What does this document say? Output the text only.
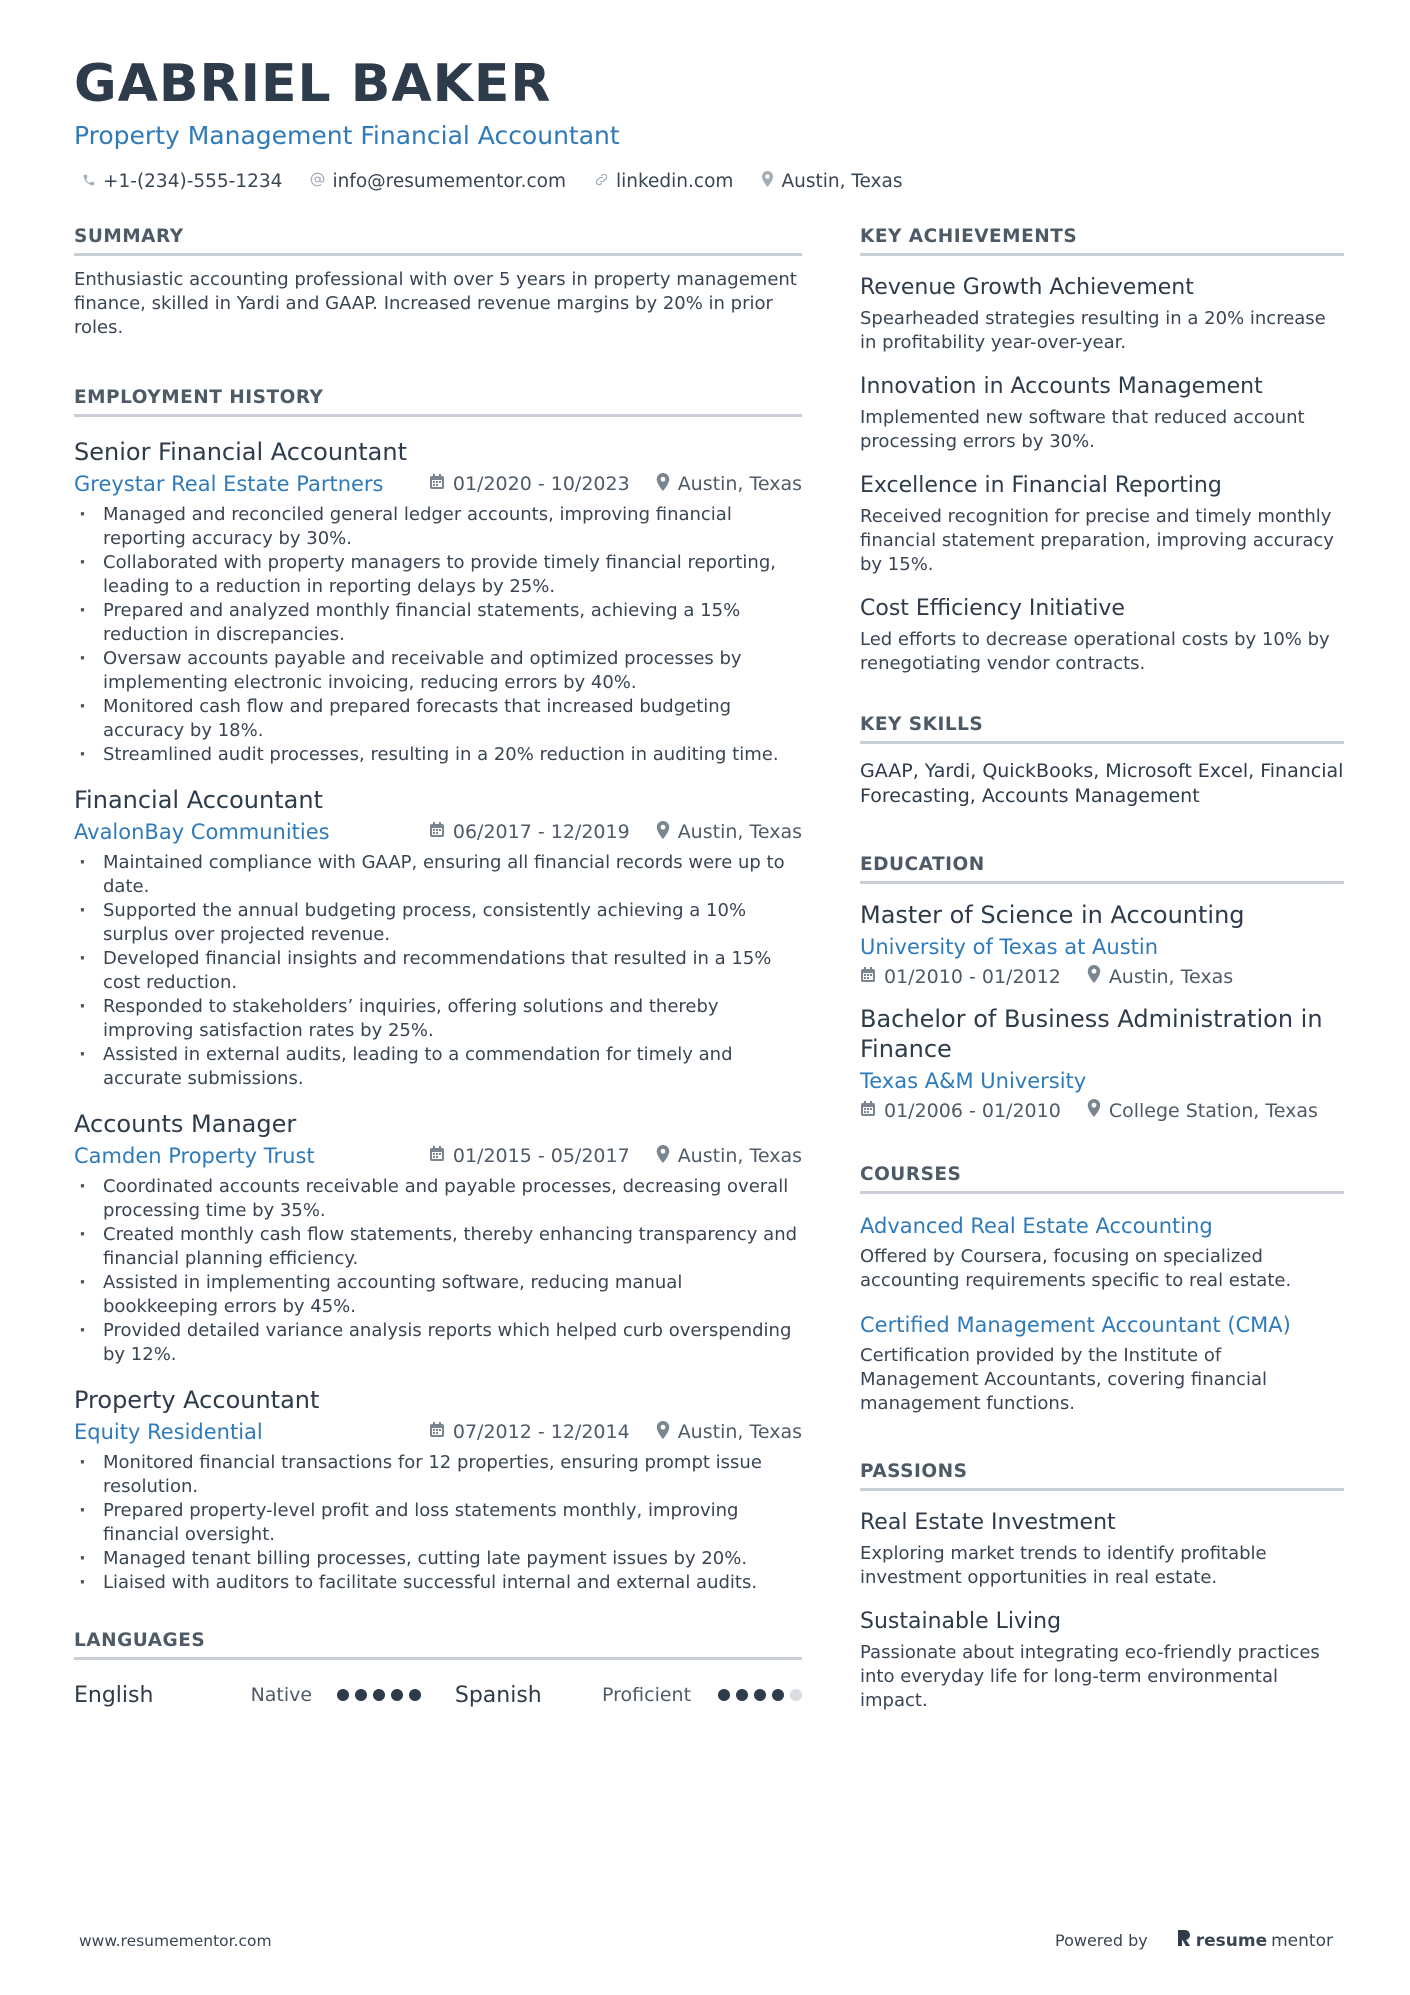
GABRIEL BAKER
Property Management Financial Accountant
+1-(234)-555-1234	info@resumementor.com	linkedin.com	Austin, Texas
SUMMARY

Enthusiastic accounting professional with over 5 years in property management finance, skilled in Yardi and GAAP. Increased revenue margins by 20% in prior roles.

EMPLOYMENT HISTORY
Senior Financial Accountant
Greystar Real Estate Partners	01/2020 - 10/2023	Austin, Texas
· Managed and reconciled general ledger accounts, improving financial reporting accuracy by 30%.
· Collaborated with property managers to provide timely financial reporting, leading to a reduction in reporting delays by 25%.
· Prepared and analyzed monthly financial statements, achieving a 15% reduction in discrepancies.
· Oversaw accounts payable and receivable and optimized processes by implementing electronic invoicing, reducing errors by 40%.
· Monitored cash flow and prepared forecasts that increased budgeting accuracy by 18%.
· Streamlined audit processes, resulting in a 20% reduction in auditing time.
Financial Accountant
AvalonBay Communities	06/2017 - 12/2019	Austin, Texas
· Maintained compliance with GAAP, ensuring all financial records were up to date.
· Supported the annual budgeting process, consistently achieving a 10% surplus over projected revenue.
· Developed financial insights and recommendations that resulted in a 15% cost reduction.
· Responded to stakeholders’ inquiries, offering solutions and thereby improving satisfaction rates by 25%.
· Assisted in external audits, leading to a commendation for timely and accurate submissions.
Accounts Manager
Camden Property Trust	01/2015 - 05/2017	Austin, Texas
· Coordinated accounts receivable and payable processes, decreasing overall processing time by 35%.
· Created monthly cash flow statements, thereby enhancing transparency and financial planning efficiency.
· Assisted in implementing accounting software, reducing manual bookkeeping errors by 45%.
· Provided detailed variance analysis reports which helped curb overspending by 12%.
Property Accountant
Equity Residential	07/2012 - 12/2014	Austin, Texas
· Monitored financial transactions for 12 properties, ensuring prompt issue resolution.
· Prepared property-level profit and loss statements monthly, improving financial oversight.
· Managed tenant billing processes, cutting late payment issues by 20%.
· Liaised with auditors to facilitate successful internal and external audits.
LANGUAGES
English	Native	Spanish	Proficient
KEY ACHIEVEMENTS
Revenue Growth Achievement

Spearheaded strategies resulting in a 20% increase in profitability year-over-year.

Innovation in Accounts Management

Implemented new software that reduced account processing errors by 30%.

Excellence in Financial Reporting

Received recognition for precise and timely monthly financial statement preparation, improving accuracy by 15%.

Cost Efficiency Initiative

Led efforts to decrease operational costs by 10% by renegotiating vendor contracts.

KEY SKILLS

GAAP, Yardi, QuickBooks, Microsoft Excel, Financial Forecasting, Accounts Management

EDUCATION
Master of Science in Accounting
University of Texas at Austin
01/2010 - 01/2012	Austin, Texas
Bachelor of Business Administration in Finance
Texas A&M University
01/2006 - 01/2010	College Station, Texas
COURSES
Advanced Real Estate Accounting

Offered by Coursera, focusing on specialized accounting requirements specific to real estate.

Certified Management Accountant (CMA)

Certification provided by the Institute of Management Accountants, covering financial management functions.

PASSIONS
Real Estate Investment

Exploring market trends to identify profitable investment opportunities in real estate.

Sustainable Living

Passionate about integrating eco-friendly practices into everyday life for long-term environmental impact.

www.resumementor.com	Powered by	resume mentor
